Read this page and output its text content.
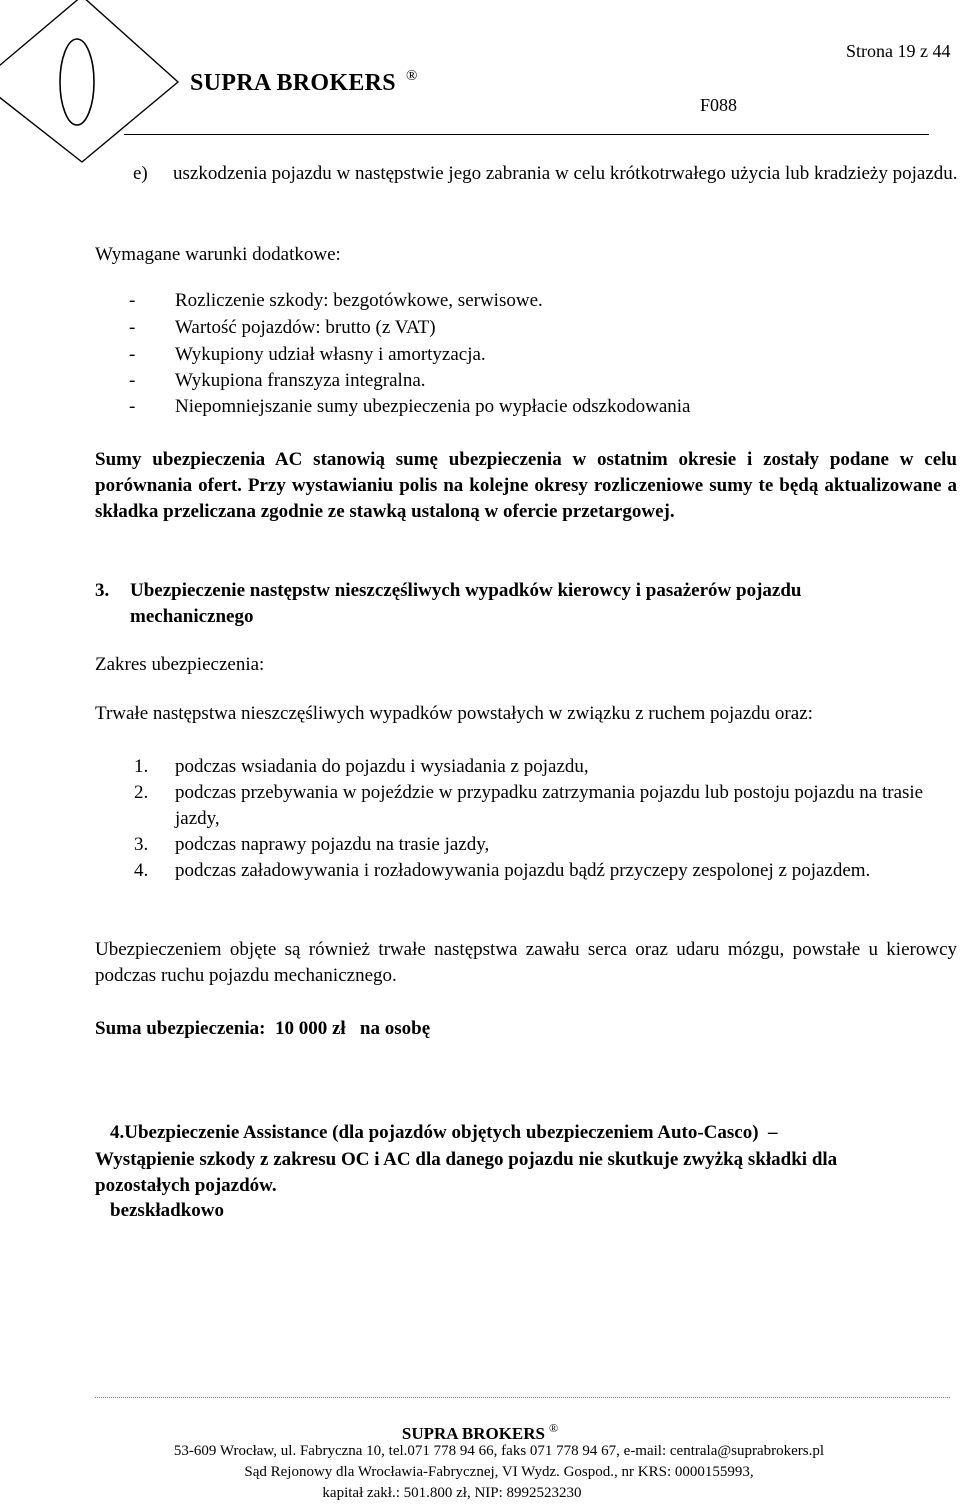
SUPRA BROKERS ®
Strona 19 z 44
F088
e) uszkodzenia pojazdu w następstwie jego zabrania w celu krótkotrwałego użycia lub kradzieży pojazdu.
Wymagane warunki dodatkowe:
- Rozliczenie szkody: bezgotówkowe, serwisowe.
- Wartość pojazdów: brutto (z VAT)
- Wykupiony udział własny i amortyzacja.
- Wykupiona franszyza integralna.
- Niepomniejszanie sumy ubezpieczenia po wypłacie odszkodowania
Sumy ubezpieczenia AC stanowią sumę ubezpieczenia w ostatnim okresie i zostały podane w celu porównania ofert. Przy wystawianiu polis na kolejne okresy rozliczeniowe sumy te będą aktualizowane a składka przeliczana zgodnie ze stawką ustaloną w ofercie przetargowej.
3. Ubezpieczenie następstw nieszczęśliwych wypadków kierowcy i pasażerów pojazdu
mechanicznego
Zakres ubezpieczenia:
Trwałe następstwa nieszczęśliwych wypadków powstałych w związku z ruchem pojazdu oraz:
1. podczas wsiadania do pojazdu i wysiadania z pojazdu,
2. podczas przebywania w pojeździe w przypadku zatrzymania pojazdu lub postoju pojazdu na trasie jazdy,
3. podczas naprawy pojazdu na trasie jazdy,
4. podczas załadowywania i rozładowywania pojazdu bądź przyczepy zespolonej z pojazdem.
Ubezpieczeniem objęte są również trwałe następstwa zawału serca oraz udaru mózgu, powstałe u kierowcy podczas ruchu pojazdu mechanicznego.
Suma ubezpieczenia:  10 000 zł   na osobę

4.Ubezpieczenie Assistance (dla pojazdów objętych ubezpieczeniem Auto-Casco)  –

bezskładkowo

Wystąpienie szkody z zakresu OC i AC dla danego pojazdu nie skutkuje zwyżką składki dla pozostałych pojazdów.
SUPRA BROKERS ®
53-609 Wrocław, ul. Fabryczna 10, tel.071 778 94 66, faks 071 778 94 67, e-mail: centrala@suprabrokers.pl
Sąd Rejonowy dla Wrocławia-Fabrycznej, VI Wydz. Gospod., nr KRS: 0000155993,
kapitał zakł.: 501.800 zł, NIP: 8992523230
